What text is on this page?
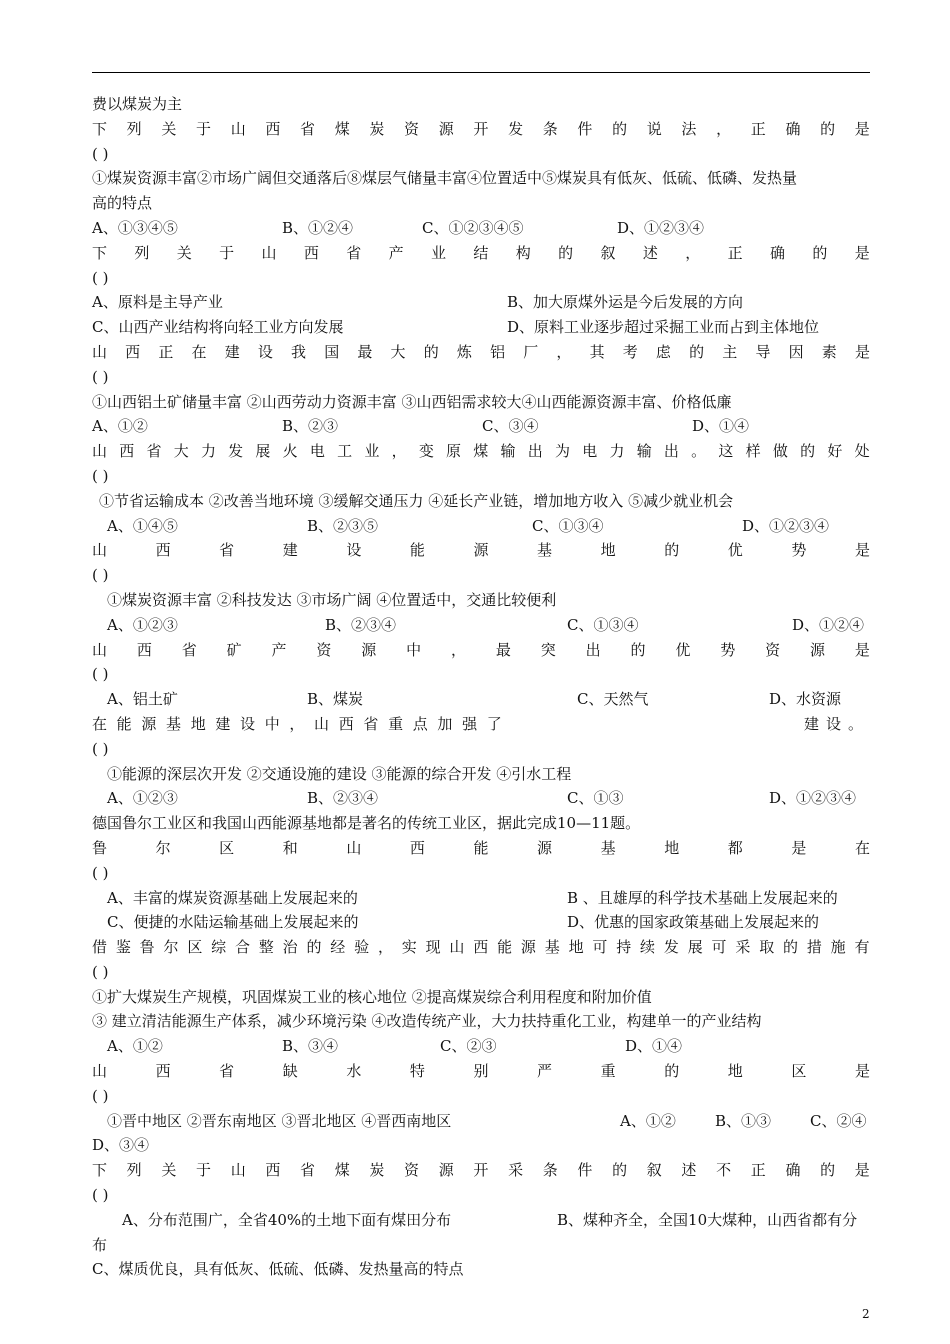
费以煤炭为主
下 列 关 于 山 西 省 煤 炭 资 源 开 发 条 件 的 说 法 ， 正 确 的 是
( )
①煤炭资源丰富②市场广阔但交通落后⑧煤层气储量丰富④位置适中⑤煤炭具有低灰、低硫、低磷、发热量
高的特点
A、①③④⑤	B、①②④	C、①②③④⑤	D、①②③④
下 列 关 于 山 西 省 产 业 结 构 的 叙 述 ， 正 确 的 是
( )
A、原料是主导产业	B、加大原煤外运是今后发展的方向
C、山西产业结构将向轻工业方向发展	D、原料工业逐步超过采掘工业而占到主体地位
山 西 正 在 建 设 我 国 最 大 的 炼 铝 厂 ， 其 考 虑 的 主 导 因 素 是
( )
①山西铝土矿储量丰富 ②山西劳动力资源丰富 ③山西铝需求较大④山西能源资源丰富、价格低廉
A、①②	B、②③	C、③④	D、①④
山 西 省 大 力 发 展 火 电 工 业 ， 变 原 煤 输 出 为 电 力 输 出 。 这 样 做 的 好 处
( )
①节省运输成本 ②改善当地环境 ③缓解交通压力 ④延长产业链，增加地方收入 ⑤减少就业机会
A、①④⑤	B、②③⑤	C、①③④	D、①②③④
山	西	省	建	设	能	源	基	地	的	优	势	是
( )
①煤炭资源丰富 ②科技发达 ③市场广阔 ④位置适中，交通比较便利
A、①②③	B、②③④	C、①③④	D、①②④
山 西 省 矿 产 资 源 中 ， 最 突 出 的 优 势 资 源 是
( )
A、铝土矿	B、煤炭	C、天然气	D、水资源
在 能 源 基 地 建 设 中 ， 山 西 省 重 点 加 强 了	建设。
( )
①能源的深层次开发 ②交通设施的建设 ③能源的综合开发 ④引水工程
A、①②③	B、②③④	C、①③	D、①②③④
德国鲁尔工业区和我国山西能源基地都是著名的传统工业区，据此完成10—11题。
鲁	尔	区	和	山	西	能	源	基	地	都	是	在
( )
A、丰富的煤炭资源基础上发展起来的	B 、且雄厚的科学技术基础上发展起来的
C、便捷的水陆运输基础上发展起来的	D、优惠的国家政策基础上发展起来的
借 鉴 鲁 尔 区 综 合 整 治 的 经 验 ， 实 现 山 西 能 源 基 地 可 持 续 发 展 可 采 取 的 措 施 有
( )
①扩大煤炭生产规模，巩固煤炭工业的核心地位 ②提高煤炭综合利用程度和附加价值
③ 建立清洁能源生产体系，减少环境污染 ④改造传统产业，大力扶持重化工业，构建单一的产业结构
A、①②	B、③④	C、②③	D、①④
山	西	省	缺	水	特	别	严	重	的	地	区	是
( )
①晋中地区 ②晋东南地区 ③晋北地区 ④晋西南地区	A、①②	B、①③	C、②④
D、③④
下 列 关 于 山 西 省 煤 炭 资 源 开 采 条 件 的 叙 述 不 正 确 的 是
( )
A、分布范围广，全省40%的土地下面有煤田分布	B、煤种齐全，全国10大煤种，山西省都有分
布
C、煤质优良，具有低灰、低硫、低磷、发热量高的特点
2
